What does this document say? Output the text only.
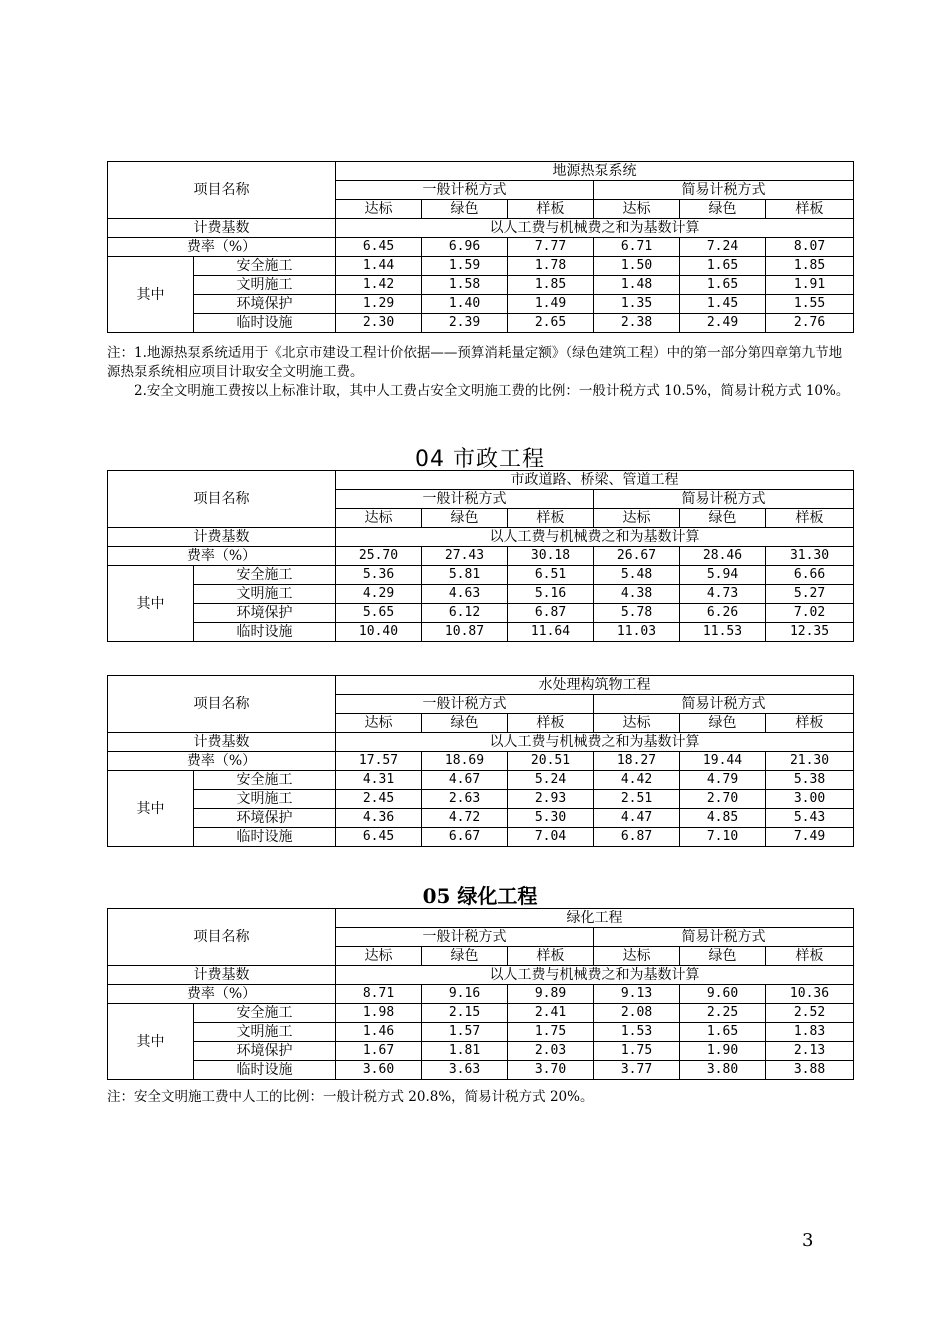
项目名称		地源热泵系统					
		一般计税方式			简易计税方式		
		达标	绿色	样板	达标	绿色	样板
计费基数		以人工费与机械费之和为基数计算					
费率（%）		6.45	6.96	7.77	6.71	7.24	8.07
其中	安全施工	1.44	1.59	1.78	1.50	1.65	1.85
	文明施工	1.42	1.58	1.85	1.48	1.65	1.91
	环境保护	1.29	1.40	1.49	1.35	1.45	1.55
	临时设施	2.30	2.39	2.65	2.38	2.49	2.76

注：1.地源热泵系统适用于《北京市建设工程计价依据——预算消耗量定额》（绿色建筑工程）中的第一部分第四章第九节地源热泵系统相应项目计取安全文明施工费。

2.安全文明施工费按以上标准计取，其中人工费占安全文明施工费的比例：一般计税方式 10.5%，简易计税方式 10%。

04 市政工程
项目名称		市政道路、桥梁、管道工程					
		一般计税方式			简易计税方式		
		达标	绿色	样板	达标	绿色	样板
计费基数		以人工费与机械费之和为基数计算					
费率（%）		25.70	27.43	30.18	26.67	28.46	31.30
其中	安全施工	5.36	5.81	6.51	5.48	5.94	6.66
	文明施工	4.29	4.63	5.16	4.38	4.73	5.27
	环境保护	5.65	6.12	6.87	5.78	6.26	7.02
	临时设施	10.40	10.87	11.64	11.03	11.53	12.35
项目名称		水处理构筑物工程					
		一般计税方式			简易计税方式		
		达标	绿色	样板	达标	绿色	样板
计费基数		以人工费与机械费之和为基数计算					
费率（%）		17.57	18.69	20.51	18.27	19.44	21.30
其中	安全施工	4.31	4.67	5.24	4.42	4.79	5.38
	文明施工	2.45	2.63	2.93	2.51	2.70	3.00
	环境保护	4.36	4.72	5.30	4.47	4.85	5.43
	临时设施	6.45	6.67	7.04	6.87	7.10	7.49
05 绿化工程
项目名称		绿化工程					
		一般计税方式			简易计税方式		
		达标	绿色	样板	达标	绿色	样板
计费基数		以人工费与机械费之和为基数计算					
费率（%）		8.71	9.16	9.89	9.13	9.60	10.36
其中	安全施工	1.98	2.15	2.41	2.08	2.25	2.52
	文明施工	1.46	1.57	1.75	1.53	1.65	1.83
	环境保护	1.67	1.81	2.03	1.75	1.90	2.13
	临时设施	3.60	3.63	3.70	3.77	3.80	3.88
注：安全文明施工费中人工的比例：一般计税方式 20.8%，简易计税方式 20%。
3
